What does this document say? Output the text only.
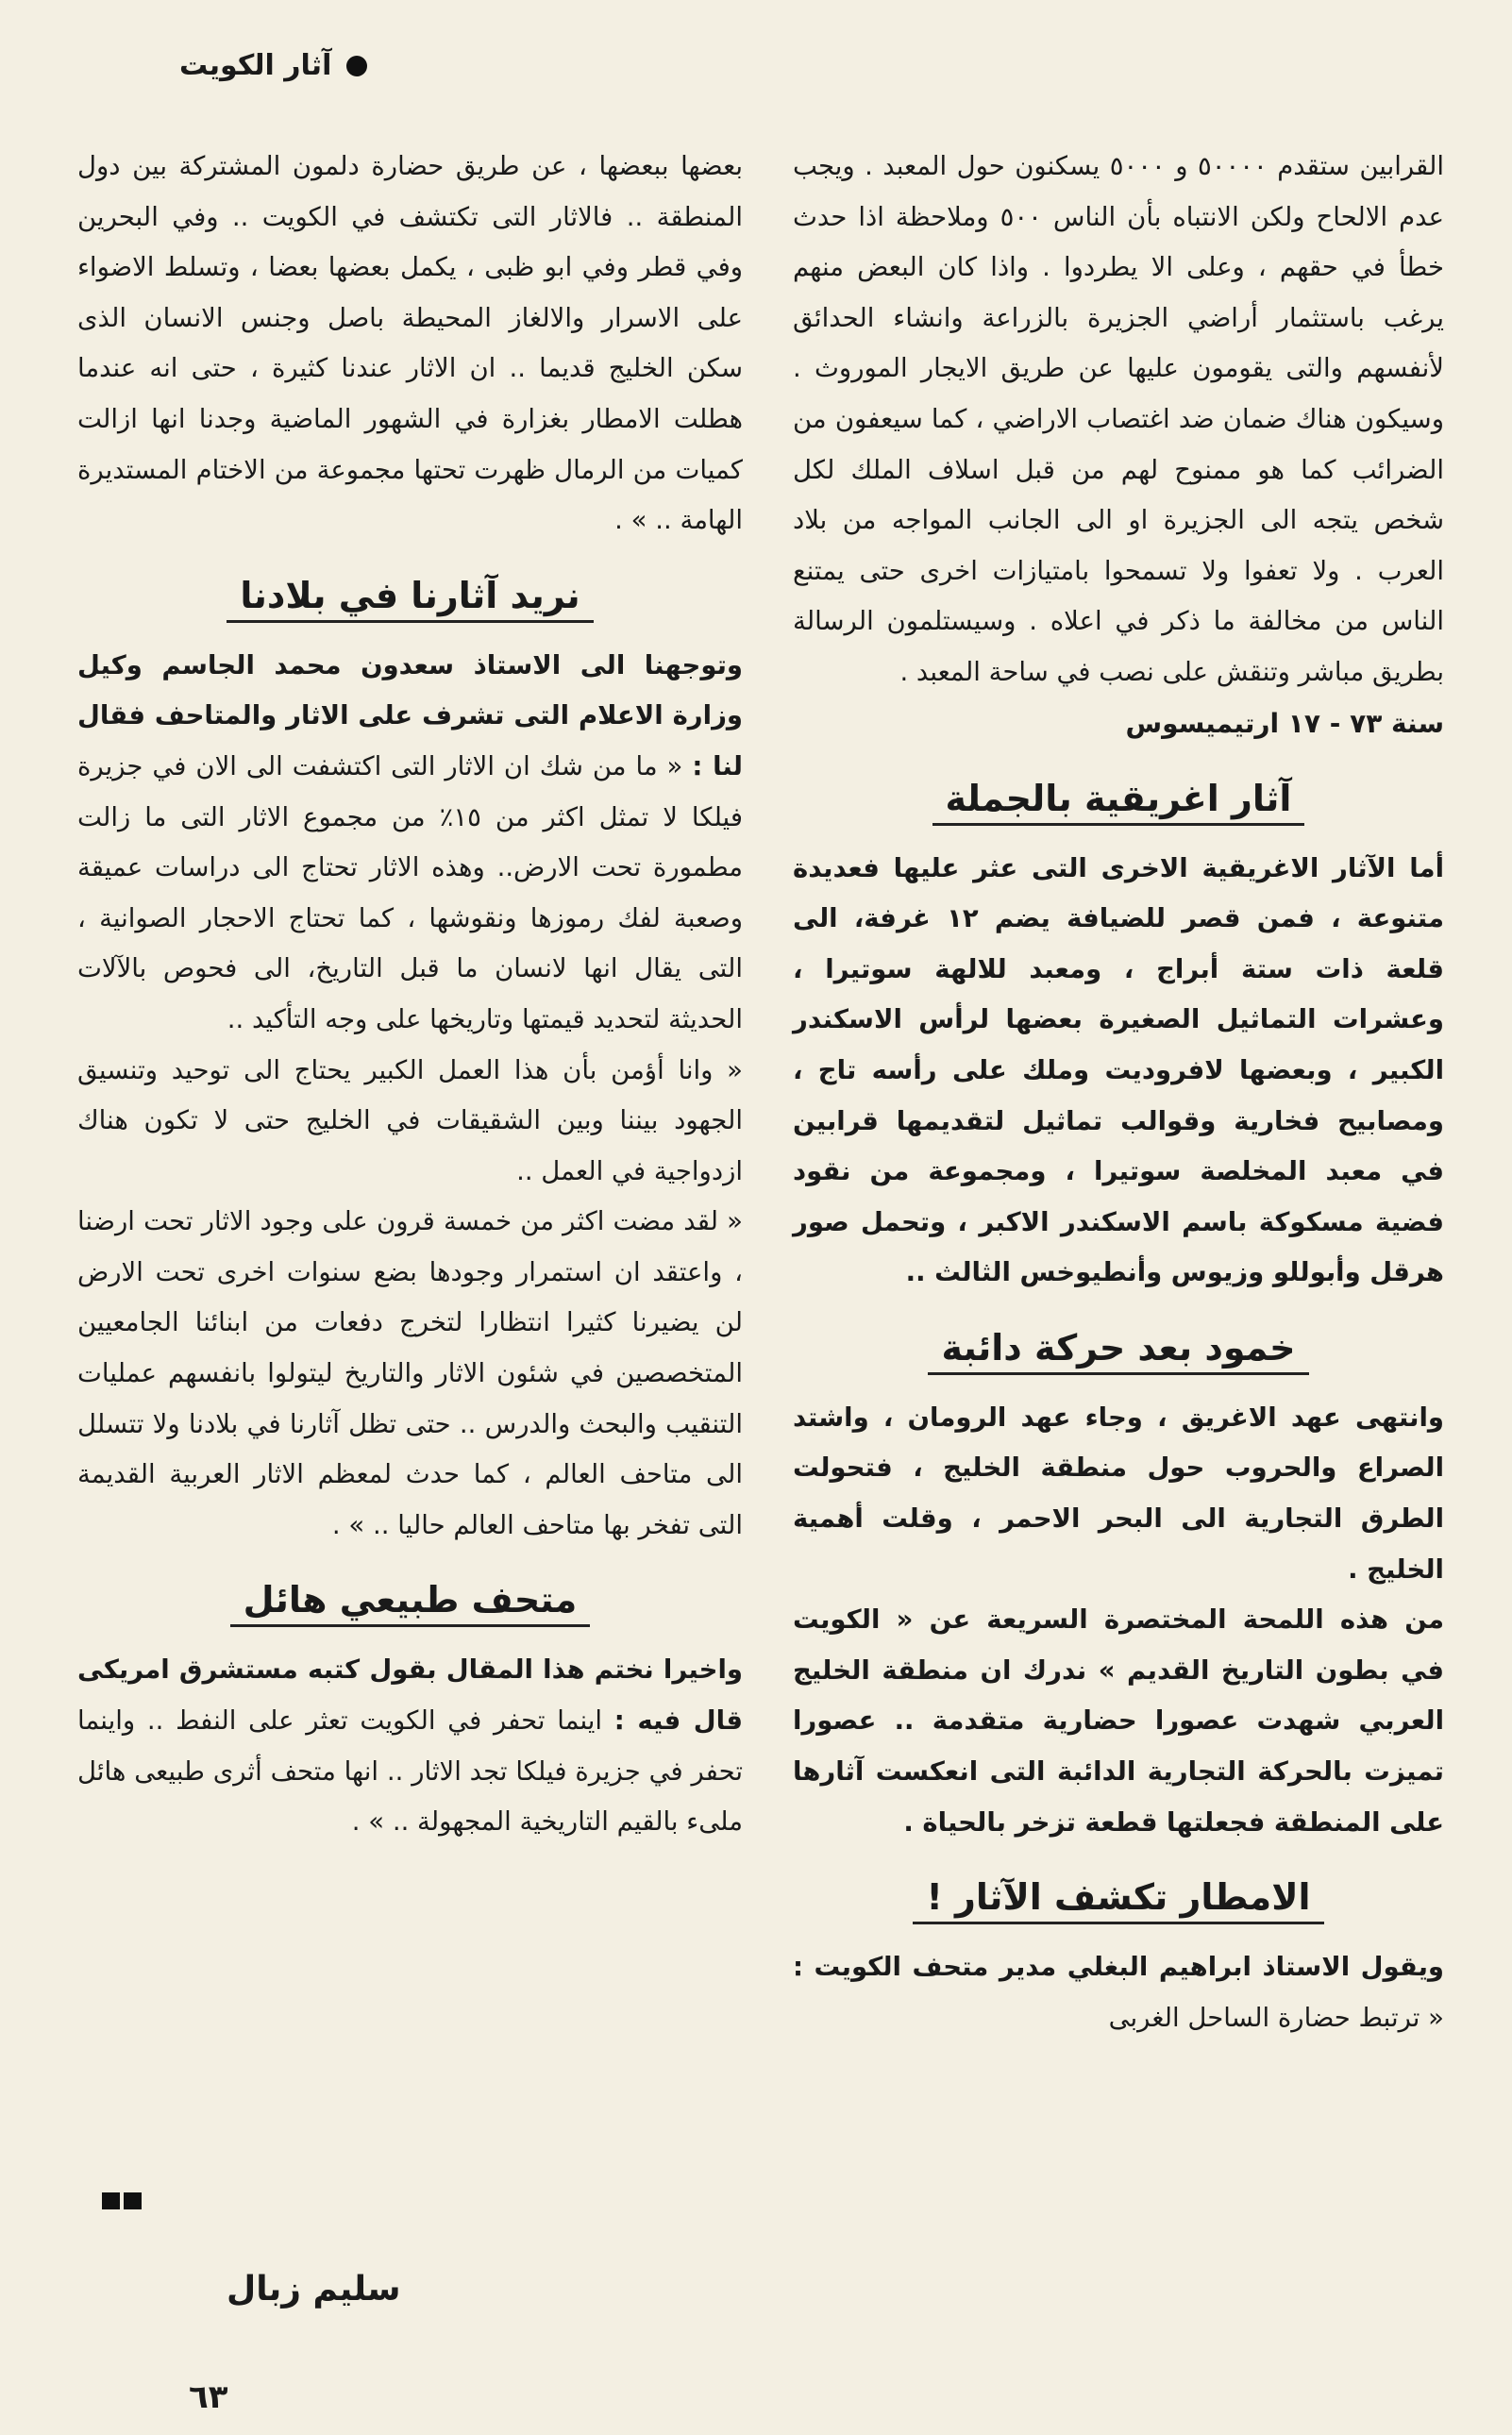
آثار الكويت

القرابين ستقدم ٥٠٠٠٠ و ٥٠٠٠ يسكنون حول المعبد . ويجب عدم الالحاح ولكن الانتباه بأن الناس ٥٠٠ وملاحظة اذا حدث خطأ في حقهم ، وعلى الا يطردوا . واذا كان البعض منهم يرغب باستثمار أراضي الجزيرة بالزراعة وانشاء الحدائق لأنفسهم والتى يقومون عليها عن طريق الايجار الموروث . وسيكون هناك ضمان ضد اغتصاب الاراضي ، كما سيعفون من الضرائب كما هو ممنوح لهم من قبل اسلاف الملك لكل شخص يتجه الى الجزيرة او الى الجانب المواجه من بلاد العرب . ولا تعفوا ولا تسمحوا بامتيازات اخرى حتى يمتنع الناس من مخالفة ما ذكر في اعلاه . وسيستلمون الرسالة بطريق مباشر وتنقش على نصب في ساحة المعبد .

سنة ٧٣ - ١٧ ارتيميسوس

آثار اغريقية بالجملة

أما الآثار الاغريقية الاخرى التى عثر عليها فعديدة متنوعة ، فمن قصر للضيافة يضم ١٢ غرفة، الى قلعة ذات ستة أبراج ، ومعبد للالهة سوتيرا ، وعشرات التماثيل الصغيرة بعضها لرأس الاسكندر الكبير ، وبعضها لافروديت وملك على رأسه تاج ، ومصابيح فخارية وقوالب تماثيل لتقديمها قرابين في معبد المخلصة سوتيرا ، ومجموعة من نقود فضية مسكوكة باسم الاسكندر الاكبر ، وتحمل صور هرقل وأبوللو وزيوس وأنطيوخس الثالث ..

خمود بعد حركة دائبة

وانتهى عهد الاغريق ، وجاء عهد الرومان ، واشتد الصراع والحروب حول منطقة الخليج ، فتحولت الطرق التجارية الى البحر الاحمر ، وقلت أهمية الخليج .

من هذه اللمحة المختصرة السريعة عن « الكويت في بطون التاريخ القديم » ندرك ان منطقة الخليج العربي شهدت عصورا حضارية متقدمة .. عصورا تميزت بالحركة التجارية الدائبة التى انعكست آثارها على المنطقة فجعلتها قطعة تزخر بالحياة .

الامطار تكشف الآثار !

ويقول الاستاذ ابراهيم البغلي مدير متحف الكويت : « ترتبط حضارة الساحل الغربى

بعضها ببعضها ، عن طريق حضارة دلمون المشتركة بين دول المنطقة .. فالاثار التى تكتشف في الكويت .. وفي البحرين وفي قطر وفي ابو ظبى ، يكمل بعضها بعضا ، وتسلط الاضواء على الاسرار والالغاز المحيطة باصل وجنس الانسان الذى سكن الخليج قديما .. ان الاثار عندنا كثيرة ، حتى انه عندما هطلت الامطار بغزارة في الشهور الماضية وجدنا انها ازالت كميات من الرمال ظهرت تحتها مجموعة من الاختام المستديرة الهامة .. » .

نريد آثارنا في بلادنا

وتوجهنا الى الاستاذ سعدون محمد الجاسم وكيل وزارة الاعلام التى تشرف على الاثار والمتاحف فقال لنا : « ما من شك ان الاثار التى اكتشفت الى الان في جزيرة فيلكا لا تمثل اكثر من ١٥٪ من مجموع الاثار التى ما زالت مطمورة تحت الارض.. وهذه الاثار تحتاج الى دراسات عميقة وصعبة لفك رموزها ونقوشها ، كما تحتاج الاحجار الصوانية ، التى يقال انها لانسان ما قبل التاريخ، الى فحوص بالآلات الحديثة لتحديد قيمتها وتاريخها على وجه التأكيد ..

« وانا أؤمن بأن هذا العمل الكبير يحتاج الى توحيد وتنسيق الجهود بيننا وبين الشقيقات في الخليج حتى لا تكون هناك ازدواجية في العمل ..

« لقد مضت اكثر من خمسة قرون على وجود الاثار تحت ارضنا ، واعتقد ان استمرار وجودها بضع سنوات اخرى تحت الارض لن يضيرنا كثيرا انتظارا لتخرج دفعات من ابنائنا الجامعيين المتخصصين في شئون الاثار والتاريخ ليتولوا بانفسهم عمليات التنقيب والبحث والدرس .. حتى تظل آثارنا في بلادنا ولا تتسلل الى متاحف العالم ، كما حدث لمعظم الاثار العربية القديمة التى تفخر بها متاحف العالم حاليا .. » .

متحف طبيعي هائل

واخيرا نختم هذا المقال بقول كتبه مستشرق امريكى قال فيه : اينما تحفر في الكويت تعثر على النفط .. واينما تحفر في جزيرة فيلكا تجد الاثار .. انها متحف أثرى طبيعى هائل ملىء بالقيم التاريخية المجهولة .. » .

سليم زبال
٦٣
